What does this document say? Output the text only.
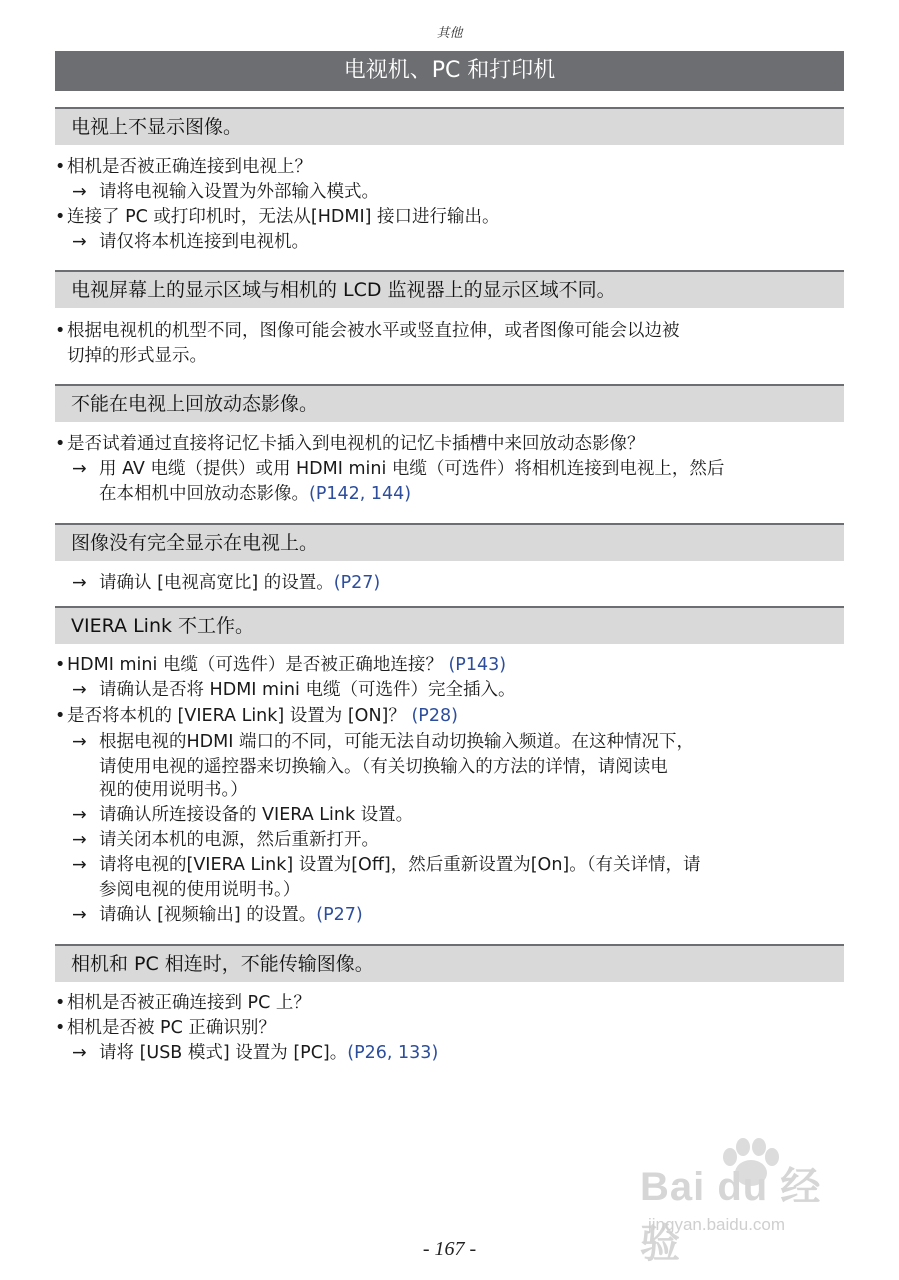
其他
电视机、PC 和打印机
电视上不显示图像。
•相机是否被正确连接到电视上？
→ 请将电视输入设置为外部输入模式。
•连接了 PC 或打印机时，无法从[HDMI] 接口进行输出。
→ 请仅将本机连接到电视机。
电视屏幕上的显示区域与相机的 LCD 监视器上的显示区域不同。
•根据电视机的机型不同，图像可能会被水平或竖直拉伸，或者图像可能会以边被
切掉的形式显示。
不能在电视上回放动态影像。
•是否试着通过直接将记忆卡插入到电视机的记忆卡插槽中来回放动态影像？
→ 用 AV 电缆（提供）或用 HDMI mini 电缆（可选件）将相机连接到电视上，然后
在本相机中回放动态影像。(P142, 144)
图像没有完全显示在电视上。
→ 请确认 [电视高宽比] 的设置。(P27)
VIERA Link 不工作。
•HDMI mini 电缆（可选件）是否被正确地连接？ (P143)
→ 请确认是否将 HDMI mini 电缆（可选件）完全插入。
•是否将本机的 [VIERA Link] 设置为 [ON]？ (P28)
→ 根据电视的HDMI 端口的不同，可能无法自动切换输入频道。在这种情况下，
请使用电视的遥控器来切换输入。（有关切换输入的方法的详情，请阅读电
视的使用说明书。）
→ 请确认所连接设备的 VIERA Link 设置。
→ 请关闭本机的电源，然后重新打开。
→ 请将电视的[VIERA Link] 设置为[Off]，然后重新设置为[On]。（有关详情，请
参阅电视的使用说明书。）
→ 请确认 [视频输出] 的设置。(P27)
相机和 PC 相连时，不能传输图像。
•相机是否被正确连接到 PC 上？
•相机是否被 PC 正确识别？
→ 请将 [USB 模式] 设置为 [PC]。(P26, 133)
Bai du 经验
jingyan.baidu.com
- 167 -
